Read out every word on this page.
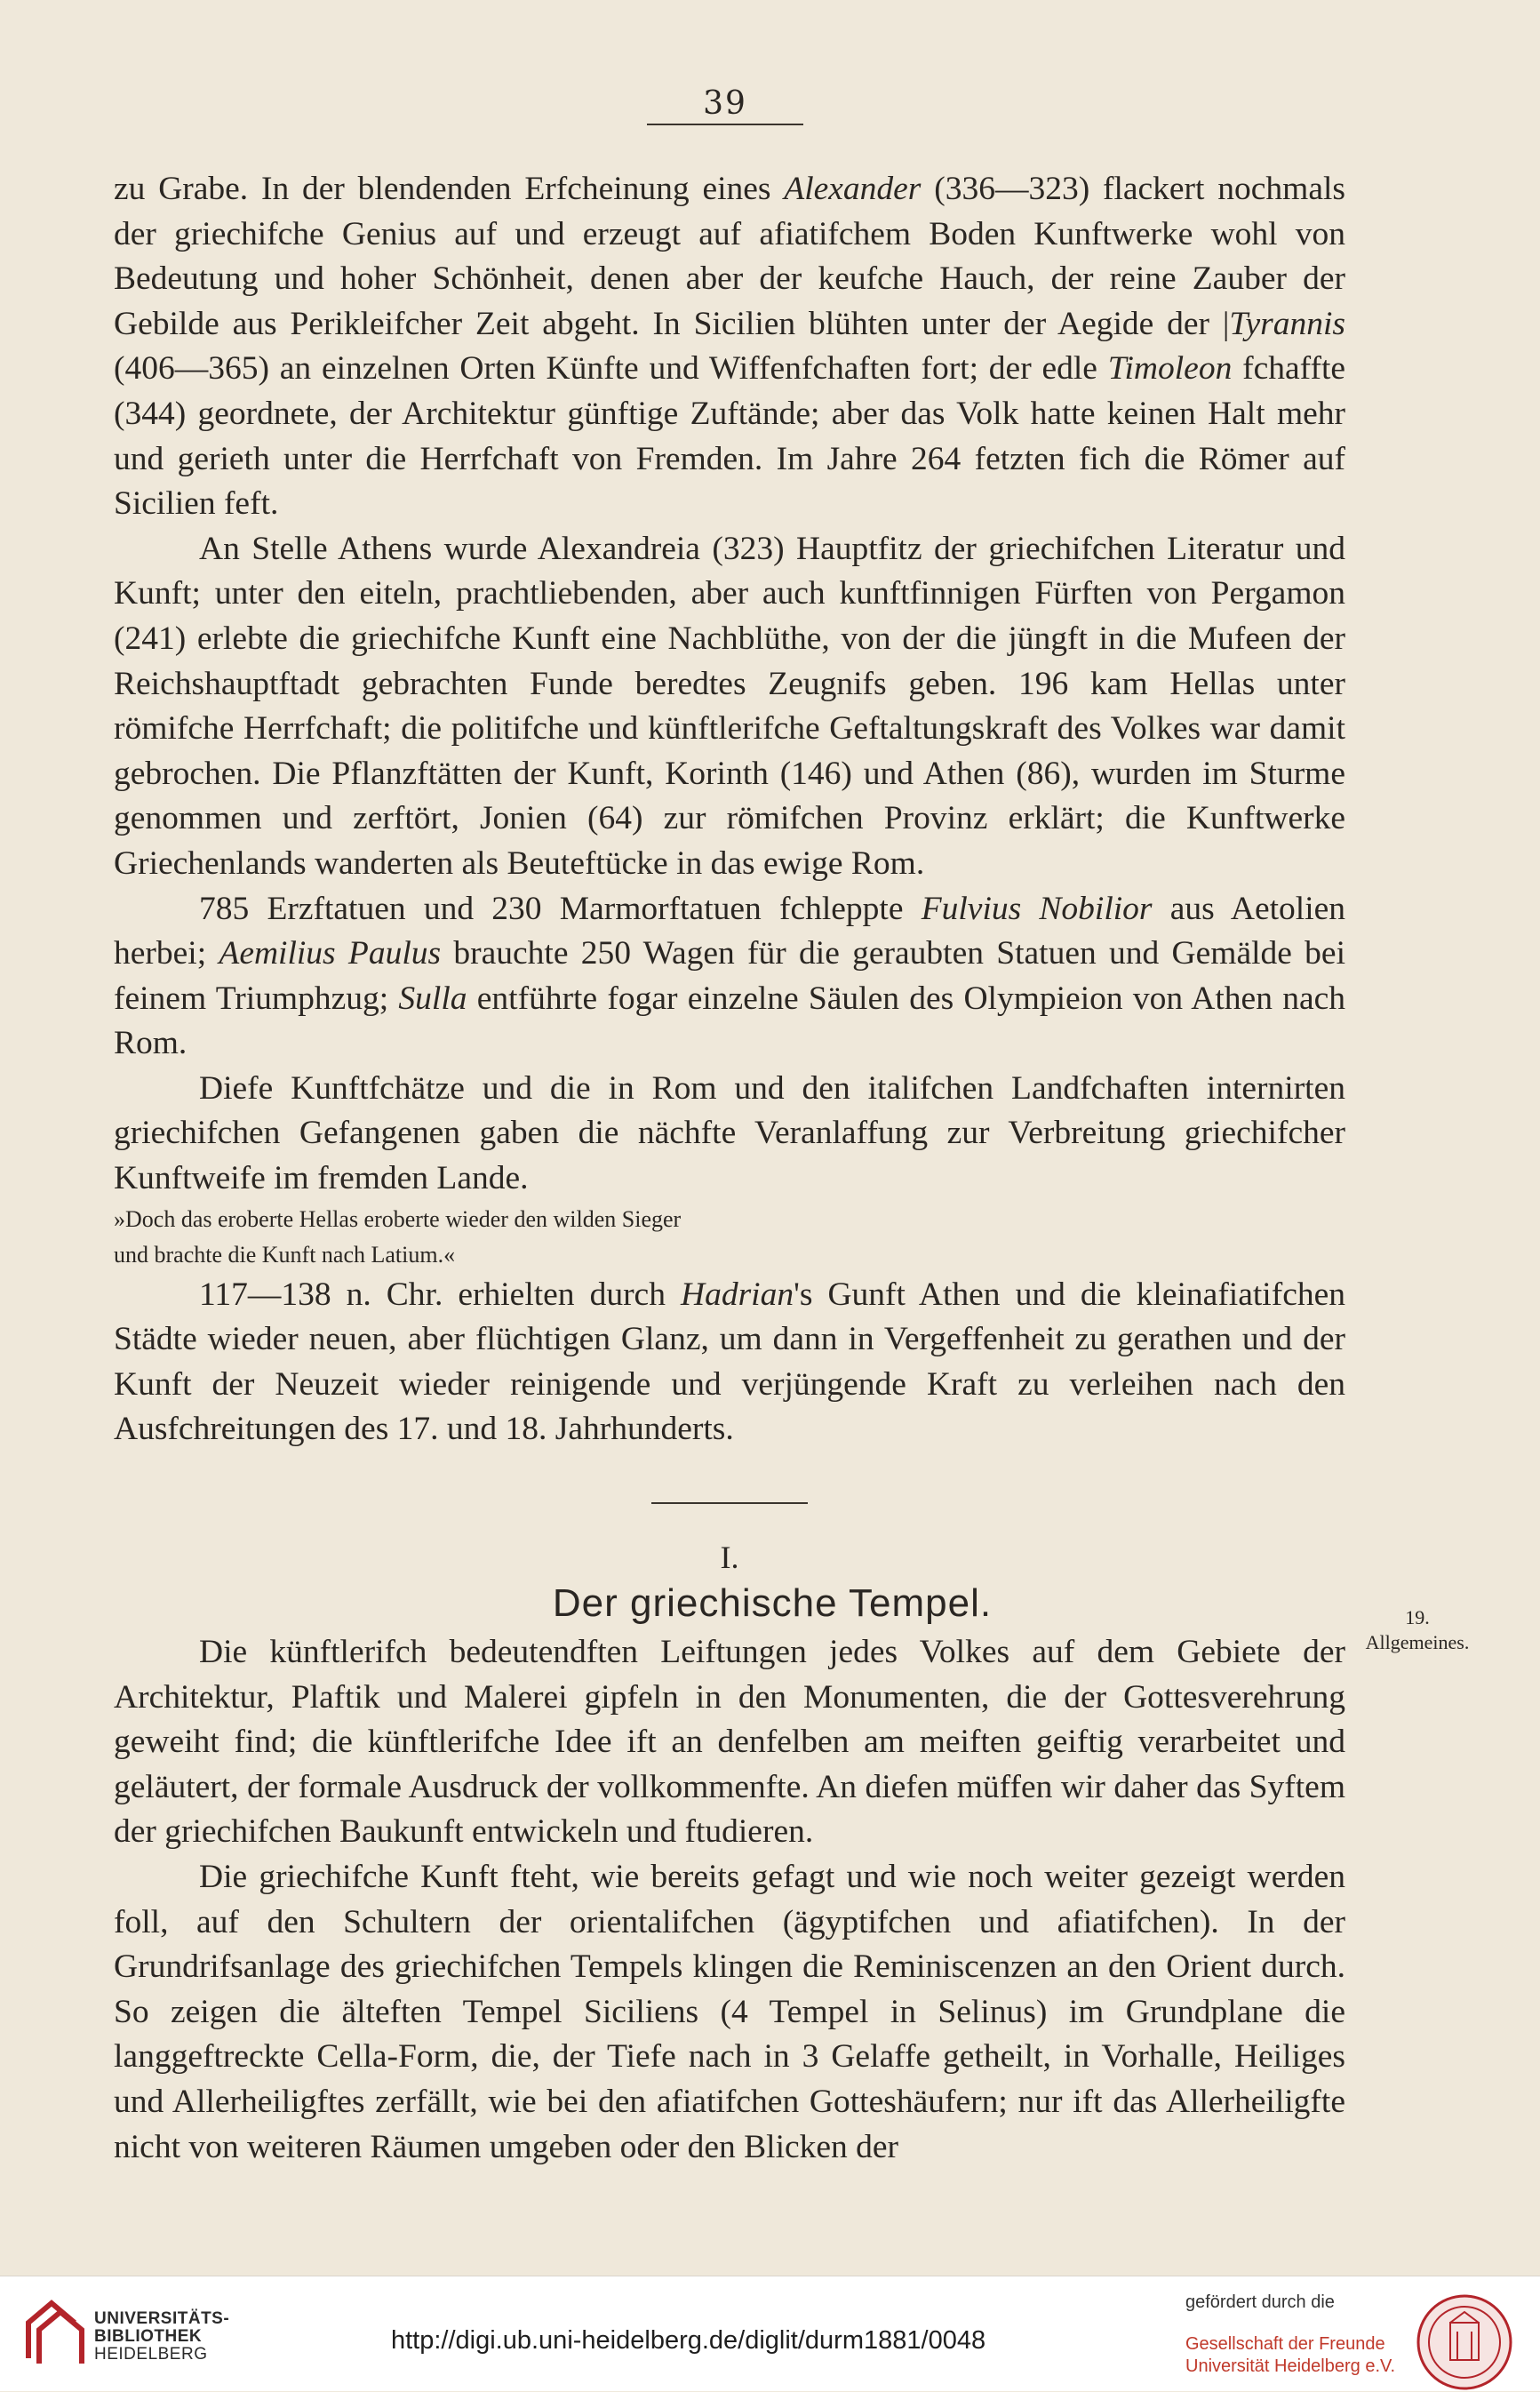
39

zu Grabe. In der blendenden Erfcheinung eines Alexander (336—323) flackert nochmals der griechifche Genius auf und erzeugt auf afiatifchem Boden Kunftwerke wohl von Bedeutung und hoher Schönheit, denen aber der keufche Hauch, der reine Zauber der Gebilde aus Perikleifcher Zeit abgeht. In Sicilien blühten unter der Aegide der |Tyrannis (406—365) an einzelnen Orten Künfte und Wiffenfchaften fort; der edle Timoleon fchaffte (344) geordnete, der Architektur günftige Zuftände; aber das Volk hatte keinen Halt mehr und gerieth unter die Herrfchaft von Fremden. Im Jahre 264 fetzten fich die Römer auf Sicilien feft.

An Stelle Athens wurde Alexandreia (323) Hauptfitz der griechifchen Literatur und Kunft; unter den eiteln, prachtliebenden, aber auch kunftfinnigen Fürften von Pergamon (241) erlebte die griechifche Kunft eine Nachblüthe, von der die jüngft in die Mufeen der Reichshauptftadt gebrachten Funde beredtes Zeugnifs geben. 196 kam Hellas unter römifche Herrfchaft; die politifche und künftlerifche Geftaltungskraft des Volkes war damit gebrochen. Die Pflanzftätten der Kunft, Korinth (146) und Athen (86), wurden im Sturme genommen und zerftört, Jonien (64) zur römifchen Provinz erklärt; die Kunftwerke Griechenlands wanderten als Beuteftücke in das ewige Rom.

785 Erzftatuen und 230 Marmorftatuen fchleppte Fulvius Nobilior aus Aetolien herbei; Aemilius Paulus brauchte 250 Wagen für die geraubten Statuen und Gemälde bei feinem Triumphzug; Sulla entführte fogar einzelne Säulen des Olympieion von Athen nach Rom.

Diefe Kunftfchätze und die in Rom und den italifchen Landfchaften internirten griechifchen Gefangenen gaben die nächfte Veranlaffung zur Verbreitung griechifcher Kunftweife im fremden Lande.

»Doch das eroberte Hellas eroberte wieder den wilden Sieger
und brachte die Kunft nach Latium.«

117—138 n. Chr. erhielten durch Hadrian's Gunft Athen und die kleinafiatifchen Städte wieder neuen, aber flüchtigen Glanz, um dann in Vergeffenheit zu gerathen und der Kunft der Neuzeit wieder reinigende und verjüngende Kraft zu verleihen nach den Ausfchreitungen des 17. und 18. Jahrhunderts.

I.

Der griechische Tempel.

Die künftlerifch bedeutendften Leiftungen jedes Volkes auf dem Gebiete der Architektur, Plaftik und Malerei gipfeln in den Monumenten, die der Gottesverehrung geweiht find; die künftlerifche Idee ift an denfelben am meiften geiftig verarbeitet und geläutert, der formale Ausdruck der vollkommenfte. An diefen müffen wir daher das Syftem der griechifchen Baukunft entwickeln und ftudieren.

Die griechifche Kunft fteht, wie bereits gefagt und wie noch weiter gezeigt werden foll, auf den Schultern der orientalifchen (ägyptifchen und afiatifchen). In der Grundrifsanlage des griechifchen Tempels klingen die Reminiscenzen an den Orient durch. So zeigen die älteften Tempel Siciliens (4 Tempel in Selinus) im Grundplane die langgeftreckte Cella-Form, die, der Tiefe nach in 3 Gelaffe getheilt, in Vorhalle, Heiliges und Allerheiligftes zerfällt, wie bei den afiatifchen Gotteshäufern; nur ift das Allerheiligfte nicht von weiteren Räumen umgeben oder den Blicken der

19.
Allgemeines.
UNIVERSITÄTS-
BIBLIOTHEK
HEIDELBERG	http://digi.ub.uni-heidelberg.de/diglit/durm1881/0048
gefördert durch die
Gesellschaft der Freunde
Universität Heidelberg e.V.
